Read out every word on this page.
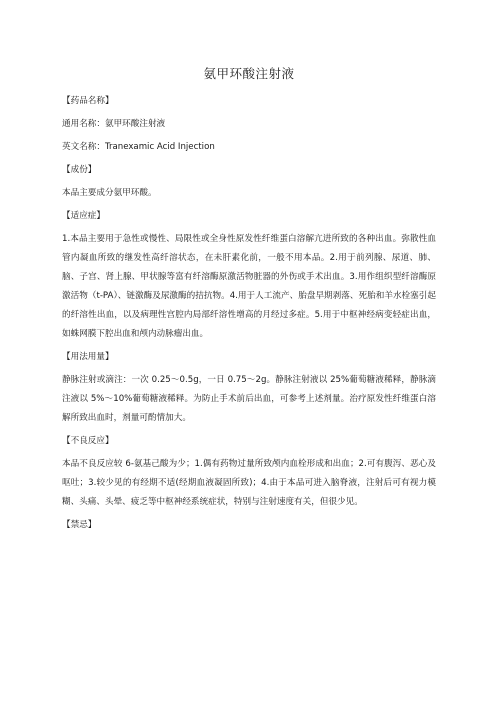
氨甲环酸注射液
【药品名称】
通用名称：氨甲环酸注射液
英文名称：Tranexamic Acid Injection
【成份】
本品主要成分氨甲环酸。
【适应症】
1.本品主要用于急性或慢性、局限性或全身性原发性纤维蛋白溶解亢进所致的各种出血。弥散性血管内凝血所致的继发性高纤溶状态，在未肝素化前，一般不用本品。2.用于前列腺、尿道、肺、脑、子宫、肾上腺、甲状腺等富有纤溶酶原激活物脏器的外伤或手术出血。3.用作组织型纤溶酶原激活物（t-PA）、链激酶及尿激酶的拮抗物。4.用于人工流产、胎盘早期剥落、死胎和羊水栓塞引起的纤溶性出血，以及病理性宫腔内局部纤溶性增高的月经过多症。5.用于中枢神经病变轻症出血，如蛛网膜下腔出血和颅内动脉瘤出血。
【用法用量】
静脉注射或滴注：一次 0.25～0.5g，一日 0.75～2g。静脉注射液以 25%葡萄糖液稀释，静脉滴注液以 5%～10%葡萄糖液稀释。为防止手术前后出血，可参考上述剂量。治疗原发性纤维蛋白溶解所致出血时，剂量可酌情加大。
【不良反应】
本品不良反应较 6-氨基己酸为少；1.偶有药物过量所致颅内血栓形成和出血；2.可有腹泻、恶心及呕吐；3.较少见的有经期不适(经期血液凝固所致)；4.由于本品可进入脑脊液，注射后可有视力模糊、头痛、头晕、疲乏等中枢神经系统症状，特别与注射速度有关，但很少见。
【禁忌】
